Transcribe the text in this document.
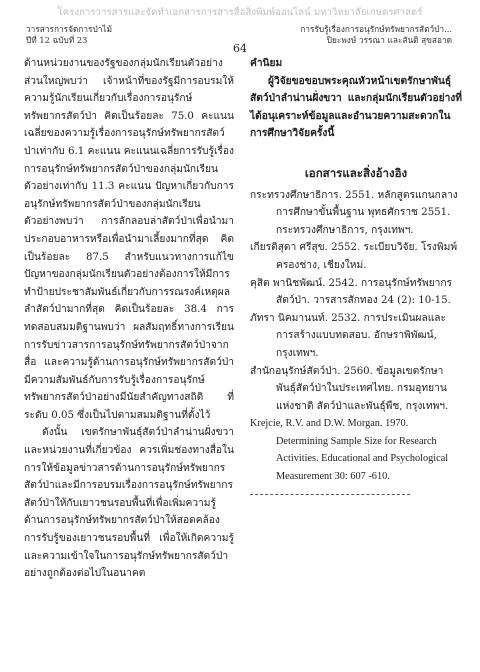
โครงการวารสารและจัดทำเอกสารการสารสื่อสิ่งพิมพ์ออนไลน์ มหาวิทยาลัยเกษตรศาสตร์
วารสารการจัดการป่าไม้
ปีที่ 12 ฉบับที่ 23
การรับรู้เรื่องการอนุรักษ์ทรัพยากรสัตว์ป่า...
ปิยะพงษ์ วรรณา และสันติ สุขสอาด
64

ด้านหน่วยงานของรัฐของกลุ่มนักเรียนตัวอย่างส่วนใหญ่พบว่า เจ้าหน้าที่ของรัฐมีการอบรมให้ความรู้นักเรียนเกี่ยวกับเรื่องการอนุรักษ์ทรัพยากรสัตว์ป่า คิดเป็นร้อยละ 75.0 คะแนนเฉลี่ยของความรู้เรื่องการอนุรักษ์ทรัพยากรสัตว์ป่าเท่ากับ 6.1 คะแนน คะแนนเฉลี่ยการรับรู้เรื่องการอนุรักษ์ทรัพยากรสัตว์ป่าของกลุ่มนักเรียนตัวอย่างเท่ากับ 11.3 คะแนน ปัญหาเกี่ยวกับการอนุรักษ์ทรัพยากรสัตว์ป่าของกลุ่มนักเรียนตัวอย่างพบว่า การลักลอบล่าสัตว์ป่าเพื่อนำมาประกอบอาหารหรือเพื่อนำมาเลี้ยงมากที่สุด คิดเป็นร้อยละ 87.5 สำหรับแนวทางการแก้ไขปัญหาของกลุ่มนักเรียนตัวอย่างต้องการให้มีการทำป้ายประชาสัมพันธ์เกี่ยวกับการรณรงค์เหตุผลลำสัตว์ป่ามากที่สุด คิดเป็นร้อยละ 38.4 การทดสอบสมมติฐานพบว่า ผลสัมฤทธิ์ทางการเรียน การรับข่าวสารการอนุรักษ์ทรัพยากรสัตว์ป่าจากสื่อ และความรู้ด้านการอนุรักษ์ทรัพยากรสัตว์ป่า มีความสัมพันธ์กับการรับรู้เรื่องการอนุรักษ์ทรัพยากรสัตว์ป่าอย่างมีนัยสำคัญทางสถิติ ที่ระดับ 0.05 ซึ่งเป็นไปตามสมมติฐานที่ตั้งไว้

ดังนั้น เขตรักษาพันธุ์สัตว์ป่าลำน่านฝั่งขวาและหน่วยงานที่เกี่ยวข้อง ควรเพิ่มช่องทางสื่อในการให้ข้อมูลข่าวสารด้านการอนุรักษ์ทรัพยากรสัตว์ป่าและมีการอบรมเรื่องการอนุรักษ์ทรัพยากรสัตว์ป่าให้กับเยาวชนรอบพื้นที่เพื่อเพิ่มความรู้ด้านการอนุรักษ์ทรัพยากรสัตว์ป่าให้สอดคล้องการรับรู้ของเยาวชนรอบพื้นที่ เพื่อให้เกิดความรู้และความเข้าใจในการอนุรักษ์ทรัพยากรสัตว์ป่าอย่างถูกต้องต่อไปในอนาคต

คำนิยม

ผู้วิจัยขอขอบพระคุณหัวหน้าเขตรักษาพันธุ์สัตว์ป่าลำน่านฝั่งขวา และกลุ่มนักเรียนตัวอย่างที่ได้อนุเคราะห์ข้อมูลและอำนวยความสะดวกในการศึกษาวิจัยครั้งนี้

เอกสารและสิ่งอ้างอิง

กระทรวงศึกษาธิการ. 2551. หลักสูตรแกนกลางการศึกษาขั้นพื้นฐาน พุทธศักราช 2551. กระทรวงศึกษาธิการ, กรุงเทพฯ.

เกียรติสุดา ศรีสุข. 2552. ระเบียบวิจัย. โรงพิมพ์ครองช่าง, เชียงใหม่.

คุสิต พานิชพัฒน์. 2542. การอนุรักษ์ทรัพยากรสัตว์ป่า. วารสารสักทอง 24 (2): 10-15.

ภัทรา นิคมานนท์. 2532. การประเมินผลและการสร้างแบบทดสอบ. อักษราพิพัฒน์, กรุงเทพฯ.

สำนักอนุรักษ์สัตว์ป่า. 2560. ข้อมูลเขตรักษาพันธุ์สัตว์ป่าในประเทศไทย. กรมอุทยานแห่งชาติ สัตว์ป่าและพันธุ์พืช, กรุงเทพฯ.

Krejcie, R.V. and D.W. Morgan. 1970. Determining Sample Size for Research Activities. Educational and Psychological Measurement 30: 607 -610.
